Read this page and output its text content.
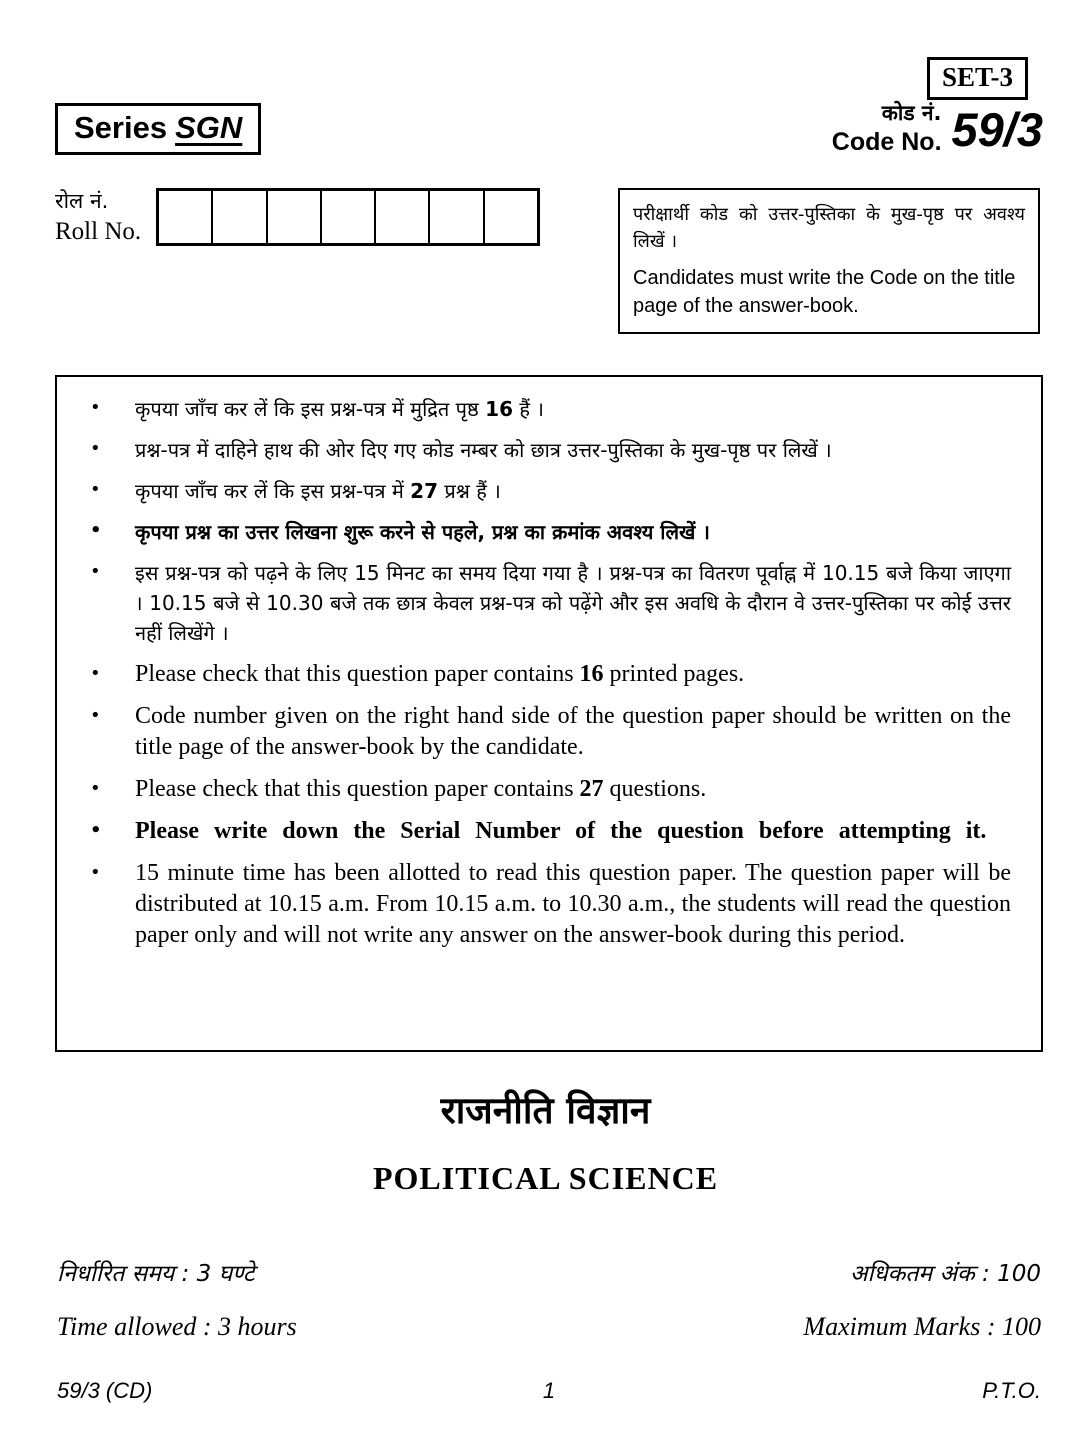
SET-3
Series SGN	कोड नं.
Code No. 59/3
रोल नं.
Roll No.

परीक्षार्थी कोड को उत्तर-पुस्तिका के मुख-पृष्ठ पर अवश्य लिखें ।

Candidates must write the Code on the title page of the answer-book.

• कृपया जाँच कर लें कि इस प्रश्न-पत्र में मुद्रित पृष्ठ 16 हैं ।
• प्रश्न-पत्र में दाहिने हाथ की ओर दिए गए कोड नम्बर को छात्र उत्तर-पुस्तिका के मुख-पृष्ठ पर लिखें ।
• कृपया जाँच कर लें कि इस प्रश्न-पत्र में 27 प्रश्न हैं ।
• कृपया प्रश्न का उत्तर लिखना शुरू करने से पहले, प्रश्न का क्रमांक अवश्य लिखें ।
• इस प्रश्न-पत्र को पढ़ने के लिए 15 मिनट का समय दिया गया है । प्रश्न-पत्र का वितरण पूर्वाह्न में 10.15 बजे किया जाएगा । 10.15 बजे से 10.30 बजे तक छात्र केवल प्रश्न-पत्र को पढ़ेंगे और इस अवधि के दौरान वे उत्तर-पुस्तिका पर कोई उत्तर नहीं लिखेंगे ।
• Please check that this question paper contains 16 printed pages.
• Code number given on the right hand side of the question paper should be written on the title page of the answer-book by the candidate.
• Please check that this question paper contains 27 questions.
• Please write down the Serial Number of the question before attempting it.
• 15 minute time has been allotted to read this question paper. The question paper will be distributed at 10.15 a.m. From 10.15 a.m. to 10.30 a.m., the students will read the question paper only and will not write any answer on the answer-book during this period.
राजनीति विज्ञान
POLITICAL SCIENCE
निर्धारित समय : 3 घण्टे	अधिकतम अंक : 100
Time allowed : 3 hours	Maximum Marks : 100
59/3 (CD)	1	P.T.O.
